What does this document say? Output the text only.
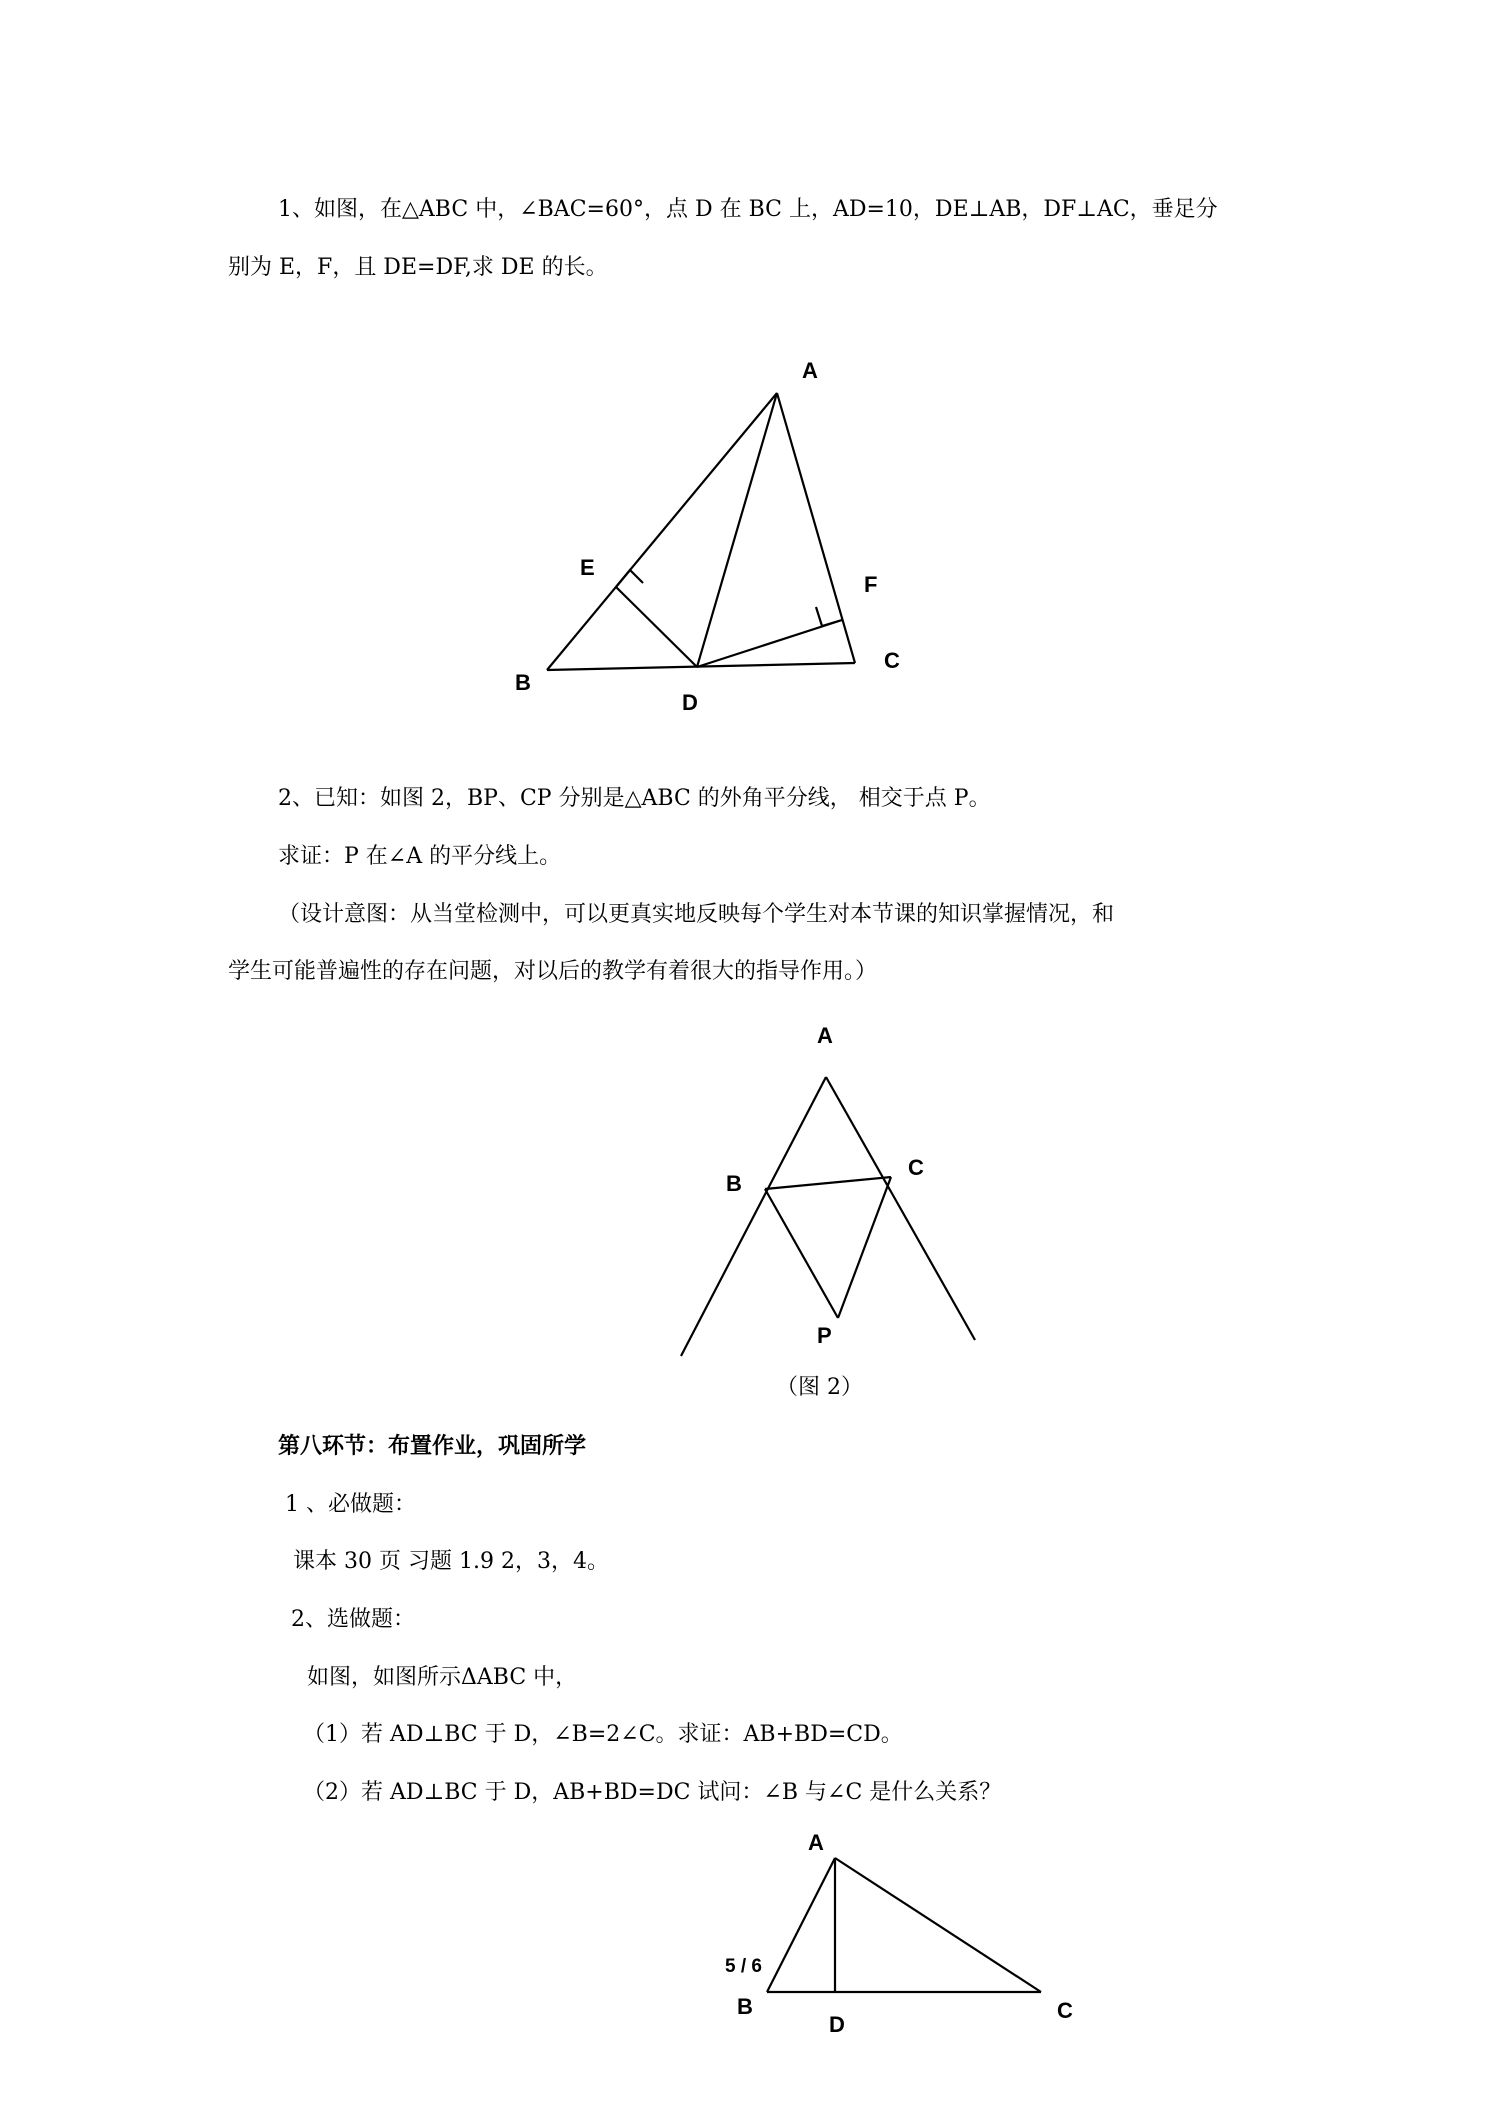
1、如图，在△ABC 中，∠BAC=60°，点 D 在 BC 上，AD=10，DE⊥AB，DF⊥AC，垂足分
别为 E，F，且 DE=DF,求 DE 的长。
A
B
C
D
E
F
2、已知：如图 2，BP、CP 分别是△ABC 的外角平分线， 相交于点 P。
求证：P 在∠A 的平分线上。
（设计意图：从当堂检测中，可以更真实地反映每个学生对本节课的知识掌握情况，和
学生可能普遍性的存在问题，对以后的教学有着很大的指导作用。）
A
B
C
P
（图 2）
第八环节：布置作业，巩固所学
1 、必做题：
课本 30 页 习题 1.9 2，3，4。
2、选做题：
如图，如图所示ΔABC 中，
（1）若 AD⊥BC 于 D，∠B=2∠C。求证：AB+BD=CD。
（2）若 AD⊥BC 于 D，AB+BD=DC 试问：∠B 与∠C 是什么关系？
A
B	C
D
5 / 6
